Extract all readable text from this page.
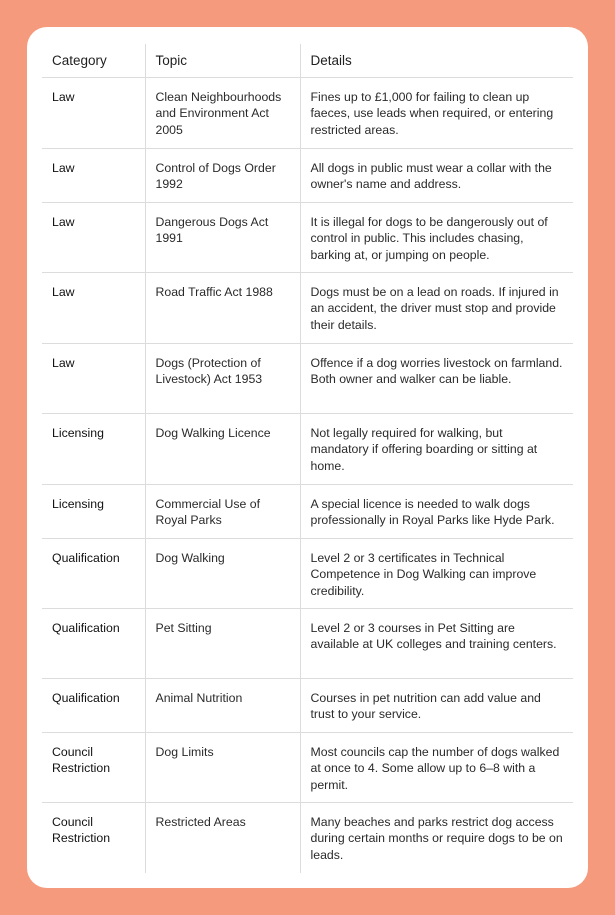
Category	Topic	Details
Law	Clean Neighbourhoods and Environment Act 2005	Fines up to £1,000 for failing to clean up faeces, use leads when required, or entering restricted areas.
Law	Control of Dogs Order 1992	All dogs in public must wear a collar with the owner's name and address.
Law	Dangerous Dogs Act 1991	It is illegal for dogs to be dangerously out of control in public. This includes chasing, barking at, or jumping on people.
Law	Road Traffic Act 1988	Dogs must be on a lead on roads. If injured in an accident, the driver must stop and provide their details.
Law	Dogs (Protection of Livestock) Act 1953	Offence if a dog worries livestock on farmland. Both owner and walker can be liable.
Licensing	Dog Walking Licence	Not legally required for walking, but mandatory if offering boarding or sitting at home.
Licensing	Commercial Use of Royal Parks	A special licence is needed to walk dogs professionally in Royal Parks like Hyde Park.
Qualification	Dog Walking	Level 2 or 3 certificates in Technical Competence in Dog Walking can improve credibility.
Qualification	Pet Sitting	Level 2 or 3 courses in Pet Sitting are available at UK colleges and training centers.
Qualification	Animal Nutrition	Courses in pet nutrition can add value and trust to your service.
Council Restriction	Dog Limits	Most councils cap the number of dogs walked at once to 4. Some allow up to 6–8 with a permit.
Council Restriction	Restricted Areas	Many beaches and parks restrict dog access during certain months or require dogs to be on leads.
